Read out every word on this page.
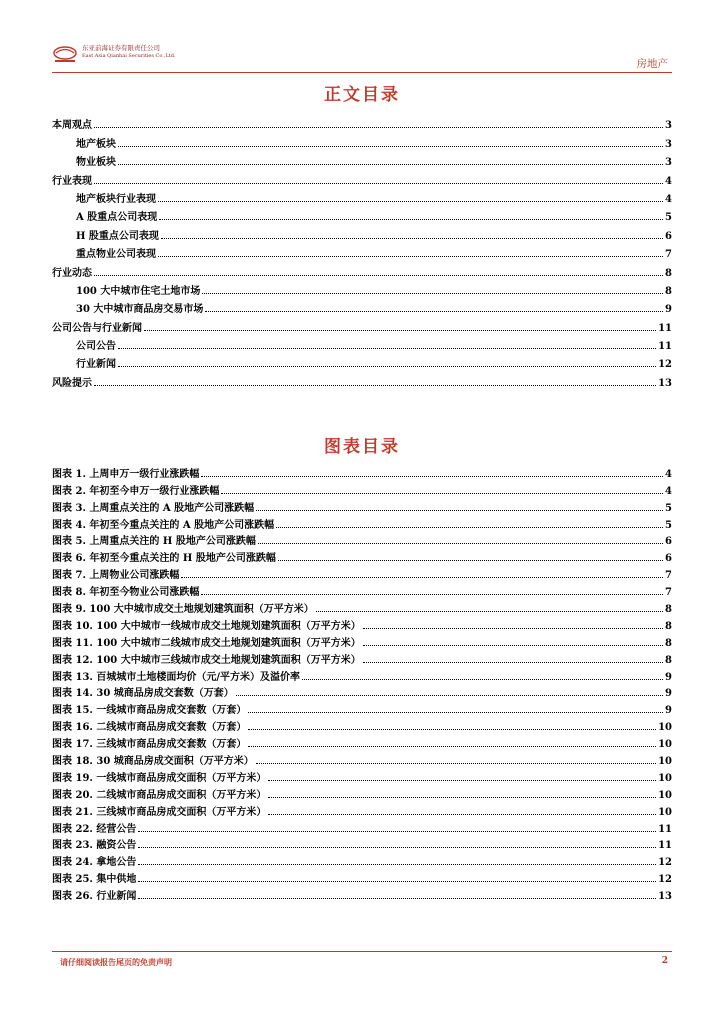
东亚前海证券有限责任公司
East Asia Qianhai Securities Co.,Ltd.
房地产
正文目录
本周观点	3
地产板块	3
物业板块	3
行业表现	4
地产板块行业表现	4
A 股重点公司表现	5
H 股重点公司表现	6
重点物业公司表现	7
行业动态	8
100 大中城市住宅土地市场	8
30 大中城市商品房交易市场	9
公司公告与行业新闻	11
公司公告	11
行业新闻	12
风险提示	13
图表目录
图表 1. 上周申万一级行业涨跌幅	4
图表 2. 年初至今申万一级行业涨跌幅	4
图表 3. 上周重点关注的 A 股地产公司涨跌幅	5
图表 4. 年初至今重点关注的 A 股地产公司涨跌幅	5
图表 5. 上周重点关注的 H 股地产公司涨跌幅	6
图表 6. 年初至今重点关注的 H 股地产公司涨跌幅	6
图表 7. 上周物业公司涨跌幅	7
图表 8. 年初至今物业公司涨跌幅	7
图表 9. 100 大中城市成交土地规划建筑面积（万平方米）	8
图表 10. 100 大中城市一线城市成交土地规划建筑面积（万平方米）	8
图表 11. 100 大中城市二线城市成交土地规划建筑面积（万平方米）	8
图表 12. 100 大中城市三线城市成交土地规划建筑面积（万平方米）	8
图表 13. 百城城市土地楼面均价（元/平方米）及溢价率	9
图表 14. 30 城商品房成交套数（万套）	9
图表 15. 一线城市商品房成交套数（万套）	9
图表 16. 二线城市商品房成交套数（万套）	10
图表 17. 三线城市商品房成交套数（万套）	10
图表 18. 30 城商品房成交面积（万平方米）	10
图表 19. 一线城市商品房成交面积（万平方米）	10
图表 20. 二线城市商品房成交面积（万平方米）	10
图表 21. 三线城市商品房成交面积（万平方米）	10
图表 22. 经营公告	11
图表 23. 融资公告	11
图表 24. 拿地公告	12
图表 25. 集中供地	12
图表 26. 行业新闻	13
请仔细阅读报告尾页的免责声明	2
